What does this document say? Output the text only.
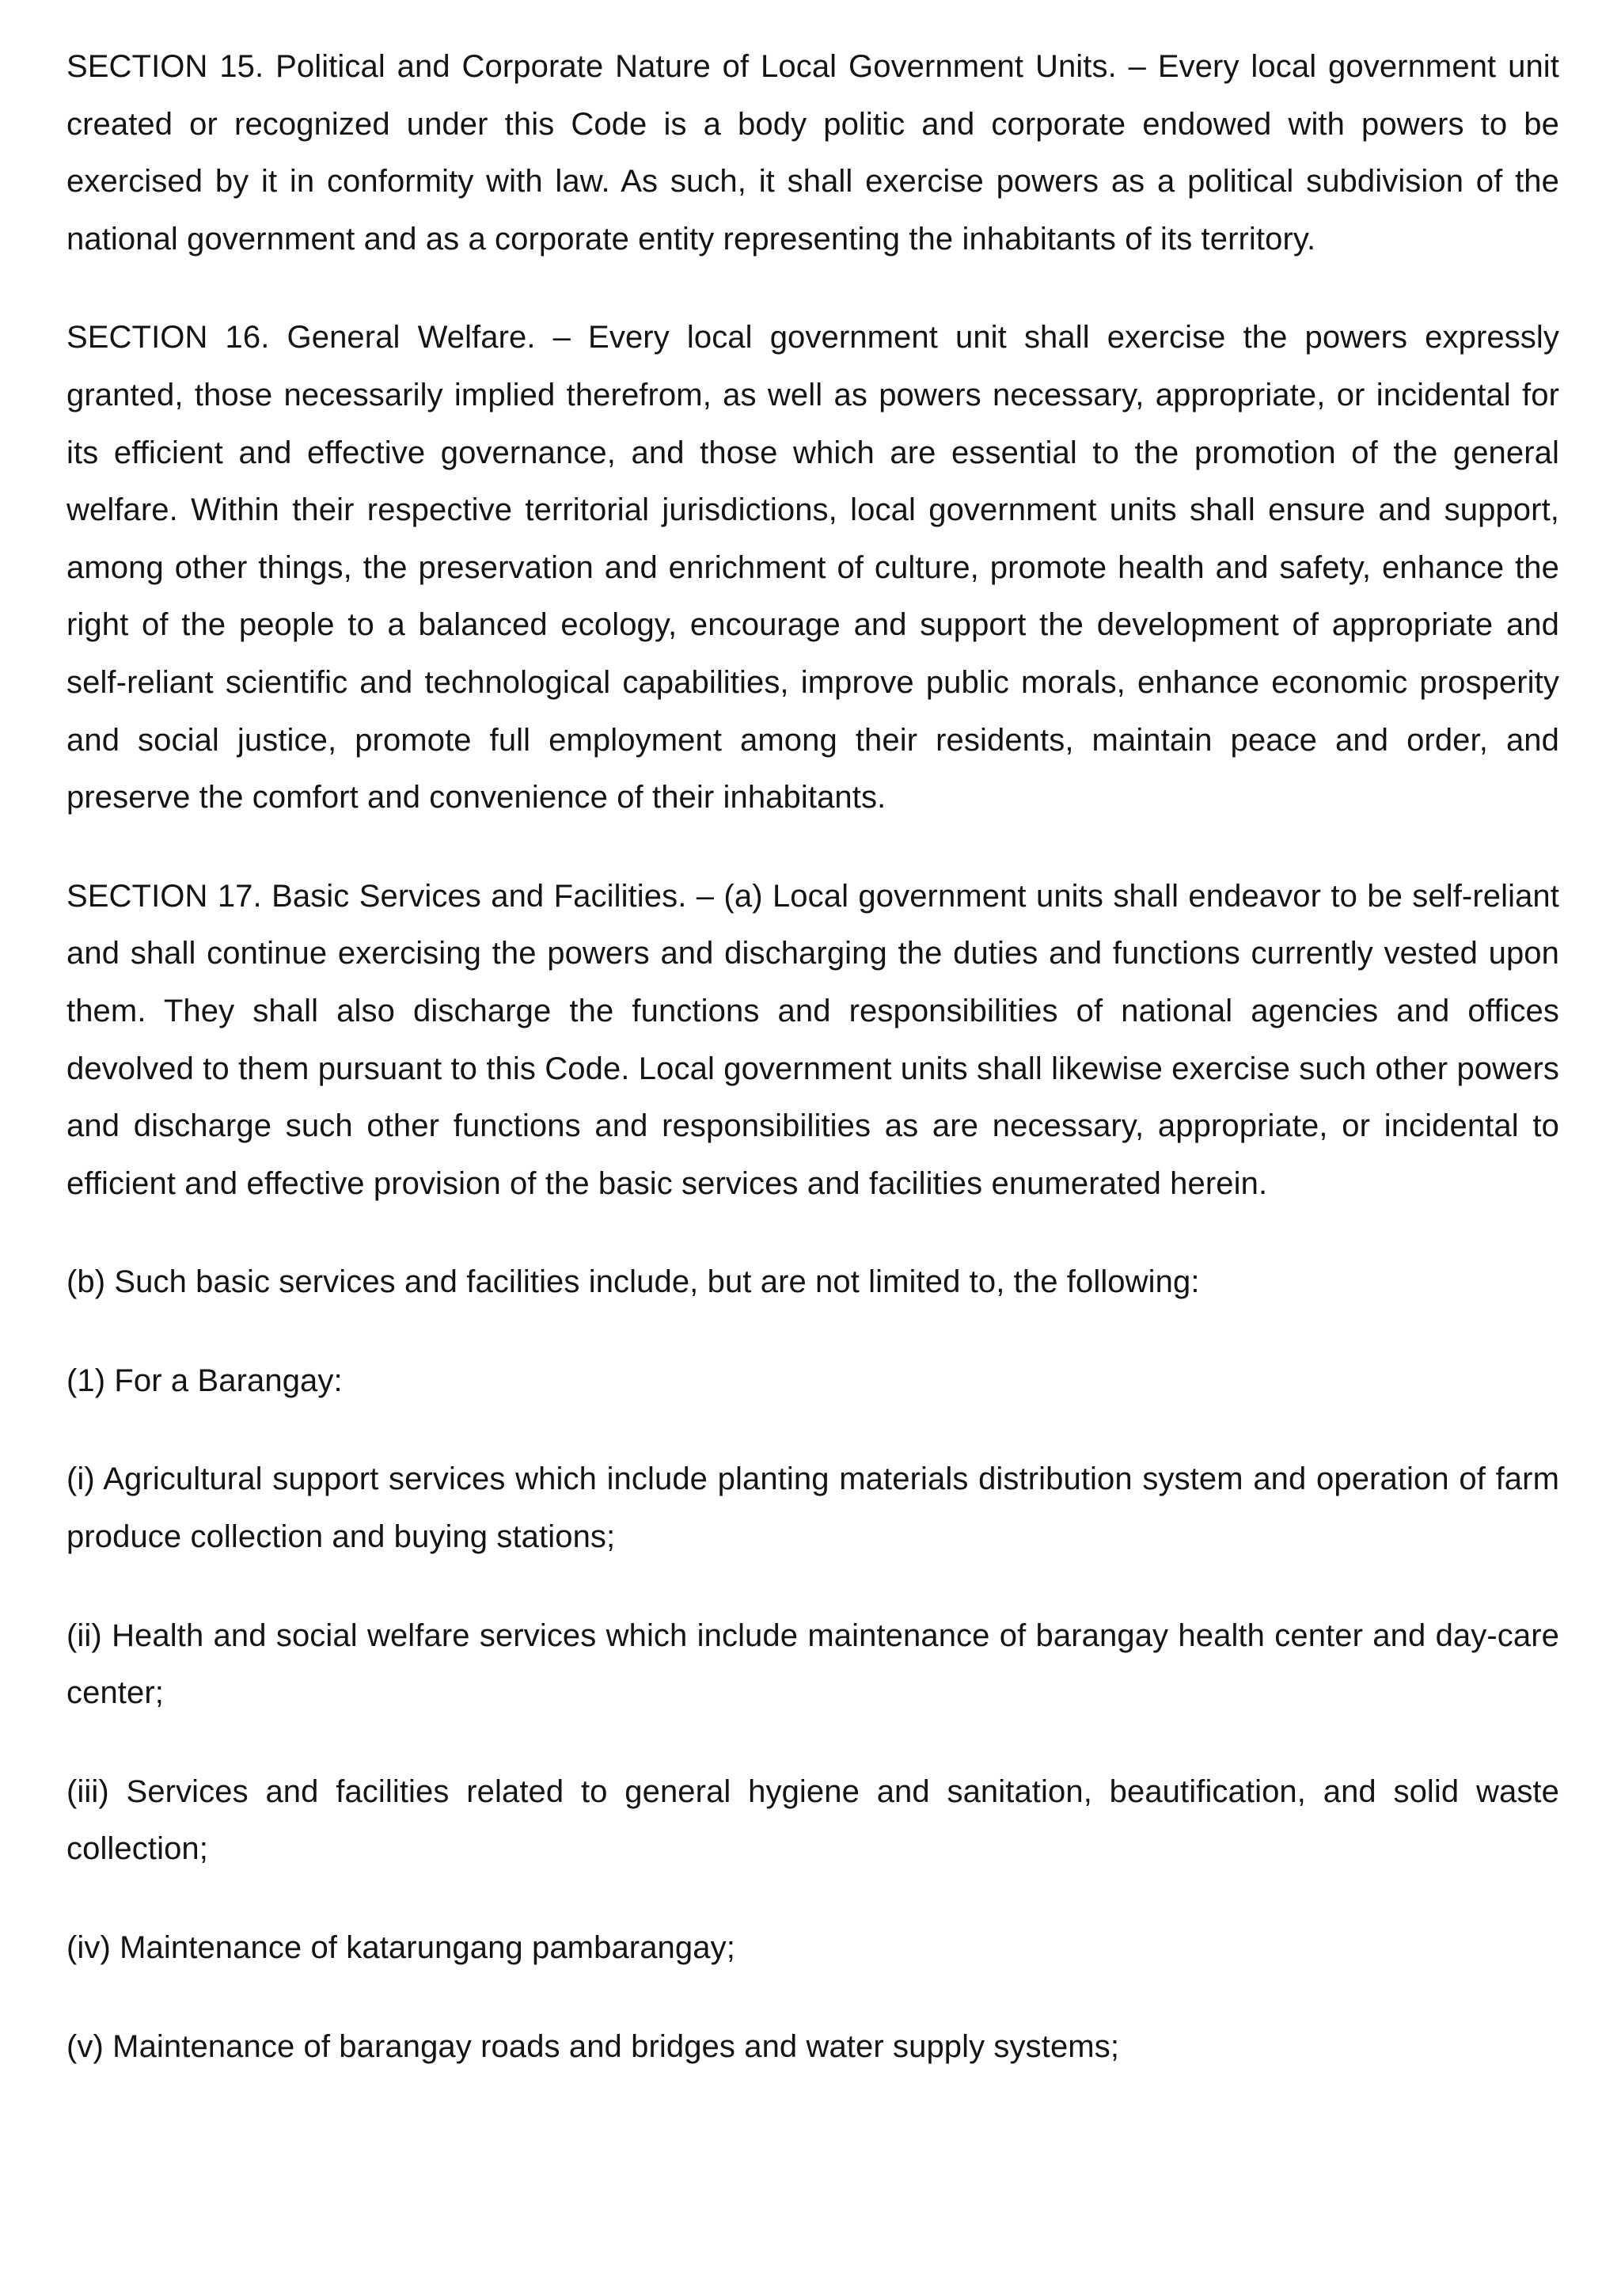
SECTION 15. Political and Corporate Nature of Local Government Units. – Every local government unit created or recognized under this Code is a body politic and corporate endowed with powers to be exercised by it in conformity with law. As such, it shall exercise powers as a political subdivision of the national government and as a corporate entity representing the inhabitants of its territory.

SECTION 16. General Welfare. – Every local government unit shall exercise the powers expressly granted, those necessarily implied therefrom, as well as powers necessary, appropriate, or incidental for its efficient and effective governance, and those which are essential to the promotion of the general welfare. Within their respective territorial jurisdictions, local government units shall ensure and support, among other things, the preservation and enrichment of culture, promote health and safety, enhance the right of the people to a balanced ecology, encourage and support the development of appropriate and self-reliant scientific and technological capabilities, improve public morals, enhance economic prosperity and social justice, promote full employment among their residents, maintain peace and order, and preserve the comfort and convenience of their inhabitants.

SECTION 17. Basic Services and Facilities. – (a) Local government units shall endeavor to be self-reliant and shall continue exercising the powers and discharging the duties and functions currently vested upon them. They shall also discharge the functions and responsibilities of national agencies and offices devolved to them pursuant to this Code. Local government units shall likewise exercise such other powers and discharge such other functions and responsibilities as are necessary, appropriate, or incidental to efficient and effective provision of the basic services and facilities enumerated herein.

(b) Such basic services and facilities include, but are not limited to, the following:

(1) For a Barangay:

(i) Agricultural support services which include planting materials distribution system and operation of farm produce collection and buying stations;

(ii) Health and social welfare services which include maintenance of barangay health center and day-care center;

(iii) Services and facilities related to general hygiene and sanitation, beautification, and solid waste collection;

(iv) Maintenance of katarungang pambarangay;

(v) Maintenance of barangay roads and bridges and water supply systems;
